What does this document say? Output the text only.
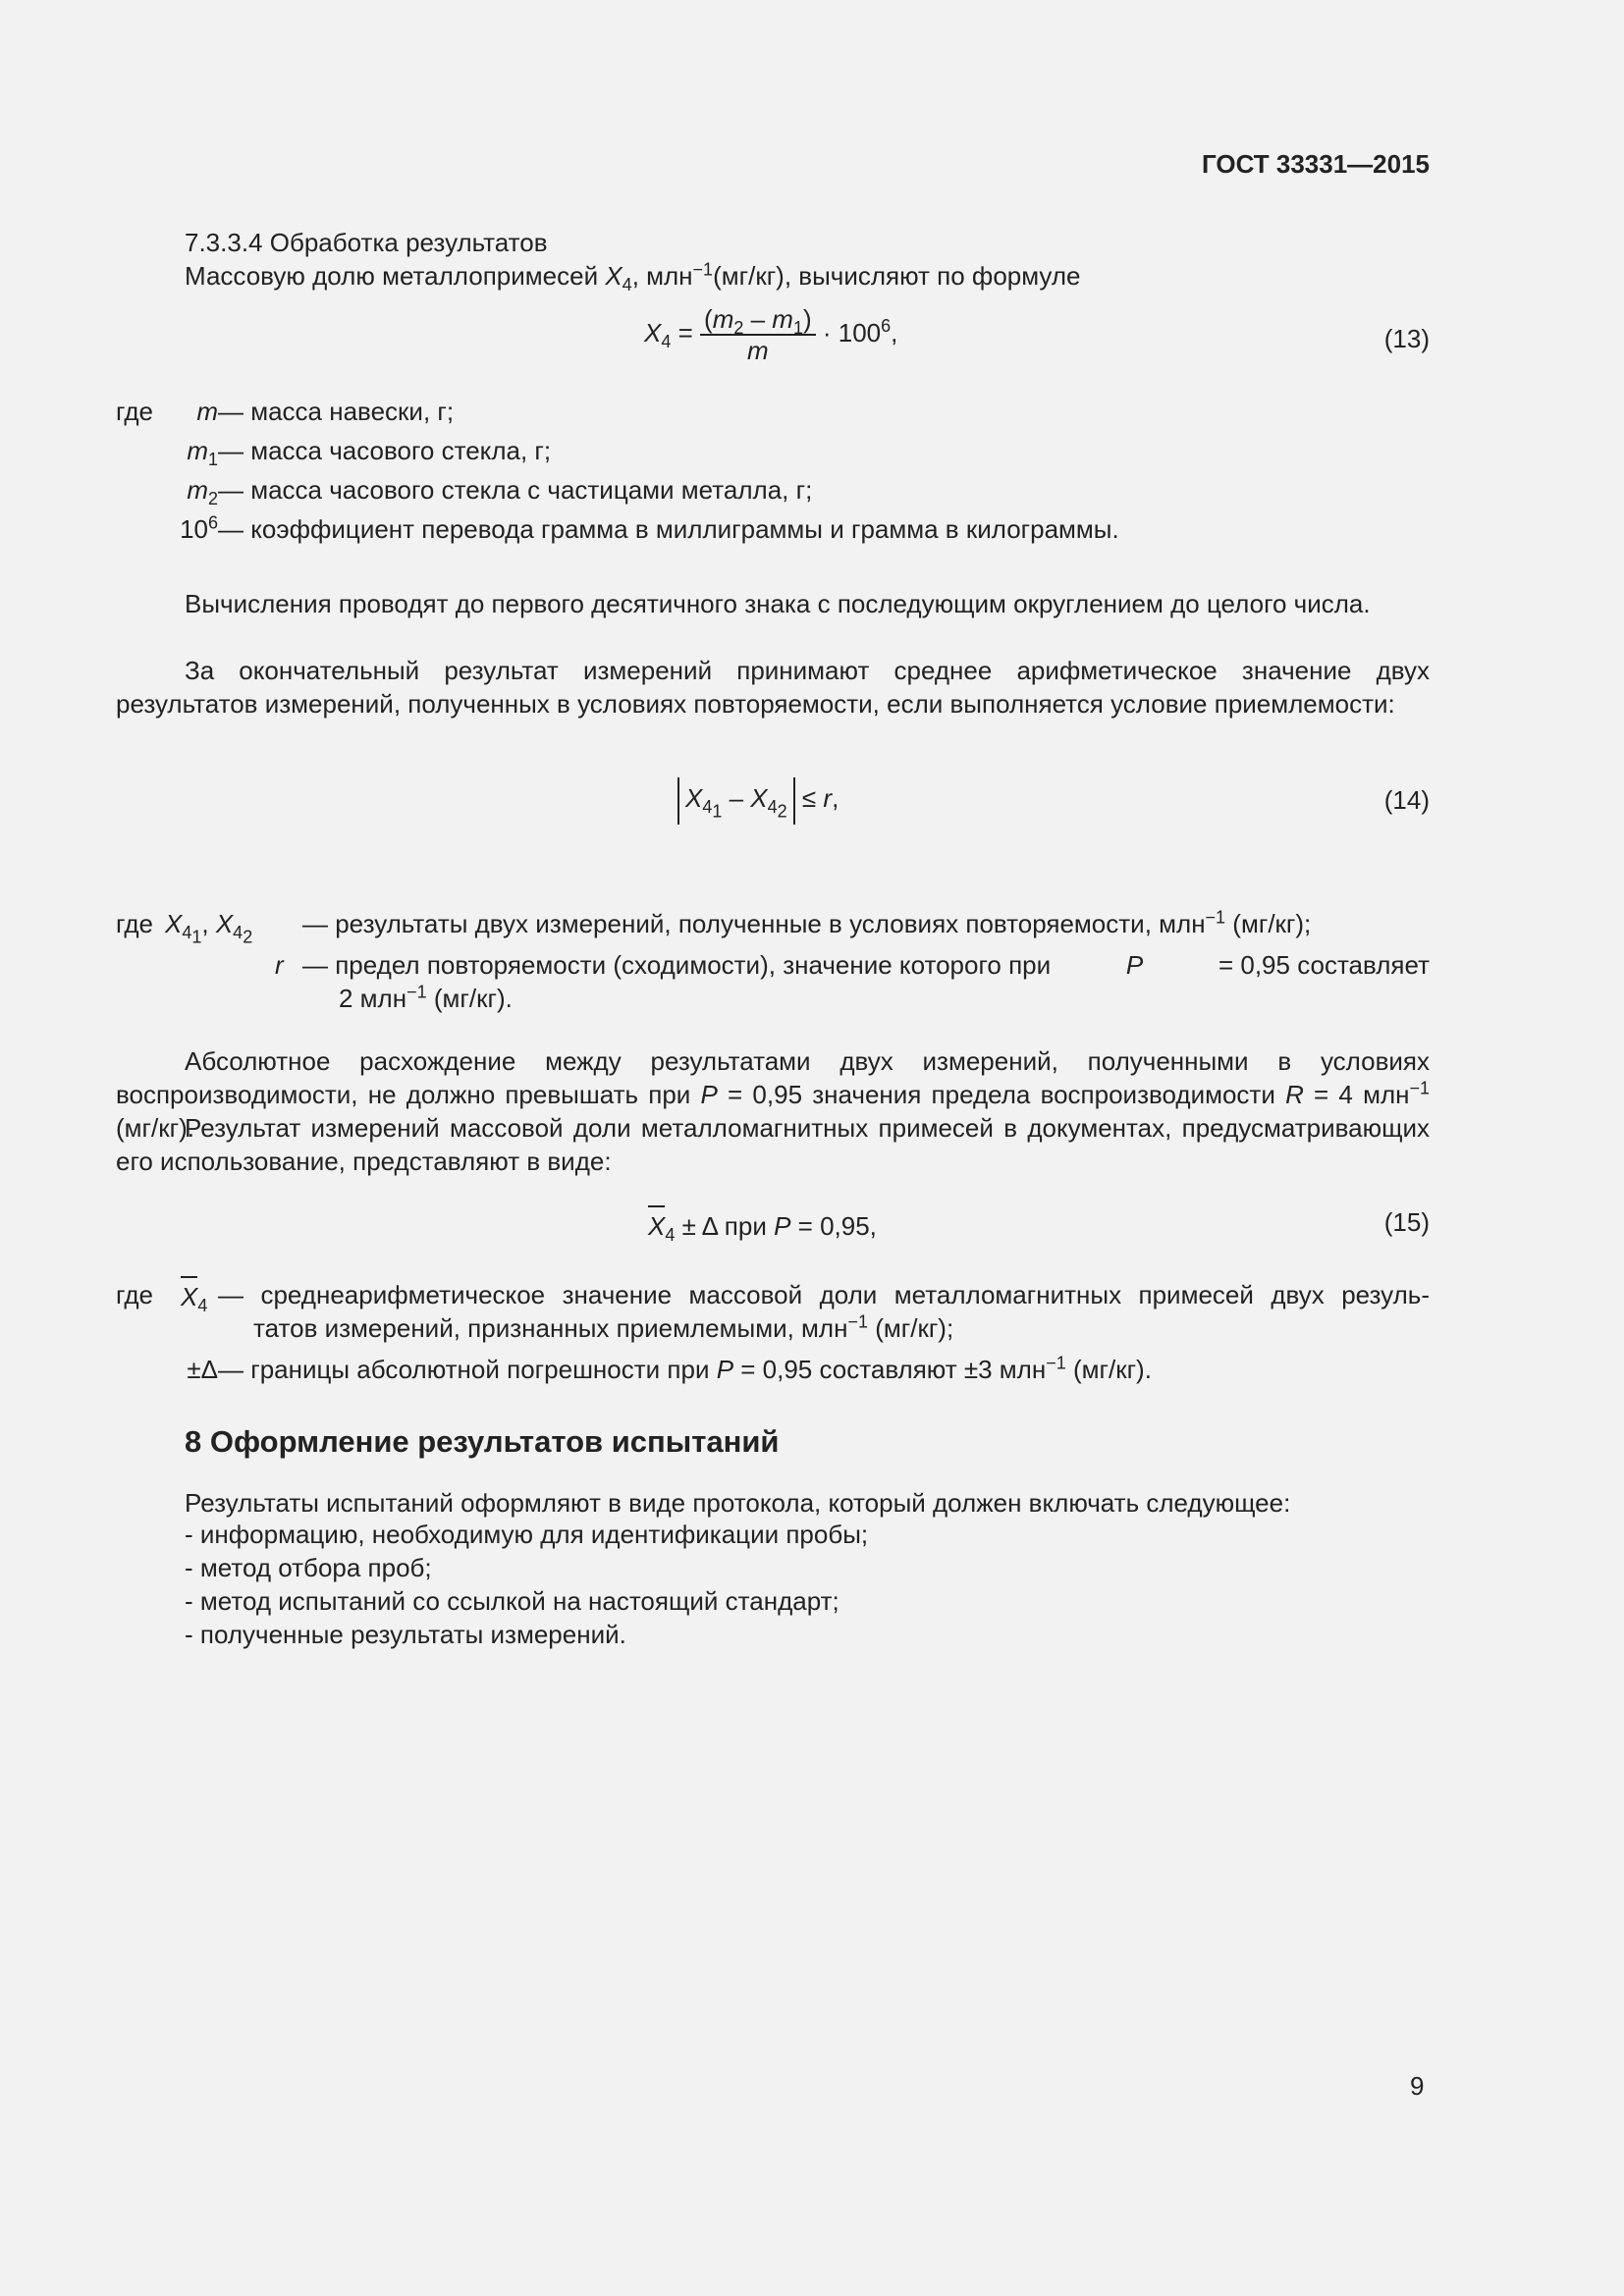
ГОСТ 33331—2015
7.3.3.4 Обработка результатов
Массовую долю металлопримесей $X_4$, млн$^{-1}$(мг/кг), вычисляют по формуле
$X_4 = \frac{(m_2 - m_1)}{m} \cdot 100^6$,	(13)
где	m — масса навески, г;
$m_1$ — масса часового стекла, г;
$m_2$ — масса часового стекла с частицами металла, г;
$10^6$ — коэффициент перевода грамма в миллиграммы и грамма в килограммы.
Вычисления проводят до первого десятичного знака с последующим округлением до целого числа.
За окончательный результат измерений принимают среднее арифметическое значение двух результатов измерений, полученных в условиях повторяемости, если выполняется условие приемлемости:
$X_{4_1} - X_{4_2} \le r$,	(14)
где $X_{4_1}$, $X_{4_2}$ — результаты двух измерений, полученные в условиях повторяемости, млн$^{-1}$ (мг/кг);
r — предел повторяемости (сходимости), значение которого при	P	= 0,95 составляет
2 млн$^{-1}$ (мг/кг).
Абсолютное расхождение между результатами двух измерений, полученными в условиях воспроизводимости, не должно превышать при P = 0,95 значения предела воспроизводимости R = 4 млн$^{-1}$ (мг/кг).
Результат измерений массовой доли металломагнитных примесей в документах, предусматривающих его использование, представляют в виде:
$X_4 \pm \Delta$ при P = 0,95,	(15)
где $X_4$ — среднеарифметическое значение массовой доли металломагнитных примесей двух резуль-
татов измерений, признанных приемлемыми, млн$^{-1}$ (мг/кг);
±Δ — границы абсолютной погрешности при P = 0,95 составляют ±3 млн$^{-1}$ (мг/кг).
8 Оформление результатов испытаний
Результаты испытаний оформляют в виде протокола, который должен включать следующее:
- информацию, необходимую для идентификации пробы;
- метод отбора проб;
- метод испытаний со ссылкой на настоящий стандарт;
- полученные результаты измерений.
9
